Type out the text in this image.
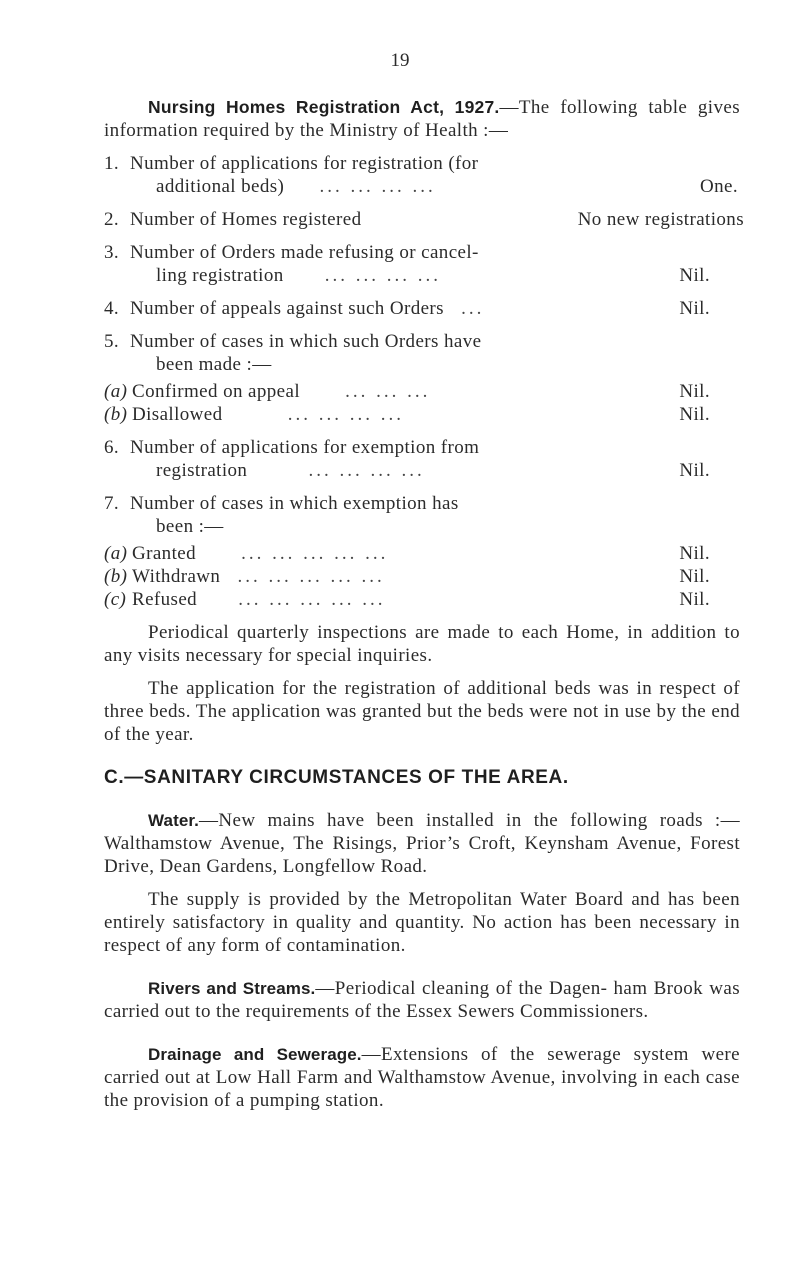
19

Nursing Homes Registration Act, 1927.—The following table gives information required by the Ministry of Health :—

1. Number of applications for registration (for
additional beds) ... ... ... ...	One.
2. Number of Homes registered	No new registrations
3. Number of Orders made refusing or cancel-
ling registration ... ... ... ...	Nil.
4. Number of appeals against such Orders ...	Nil.
5. Number of cases in which such Orders have
been made :—
(a) Confirmed on appeal ... ... ...	Nil.
(b) Disallowed	... ... ... ...	Nil.
6. Number of applications for exemption from
registration	... ... ... ...	Nil.
7. Number of cases in which exemption has
been :—
(a) Granted ... ... ... ... ...	Nil.
(b) Withdrawn ... ... ... ... ...	Nil.
(c) Refused ... ... ... ... ...	Nil.

Periodical quarterly inspections are made to each Home, in addition to any visits necessary for special inquiries.

The application for the registration of additional beds was in respect of three beds. The application was granted but the beds were not in use by the end of the year.

C.—SANITARY CIRCUMSTANCES OF THE AREA.

Water.—New mains have been installed in the following roads :—Walthamstow Avenue, The Risings, Prior’s Croft, Keynsham Avenue, Forest Drive, Dean Gardens, Longfellow Road.

The supply is provided by the Metropolitan Water Board and has been entirely satisfactory in quality and quantity. No action has been necessary in respect of any form of contamination.

Rivers and Streams.—Periodical cleaning of the Dagen- ham Brook was carried out to the requirements of the Essex Sewers Commissioners.

Drainage and Sewerage.—Extensions of the sewerage system were carried out at Low Hall Farm and Walthamstow Avenue, involving in each case the provision of a pumping station.
